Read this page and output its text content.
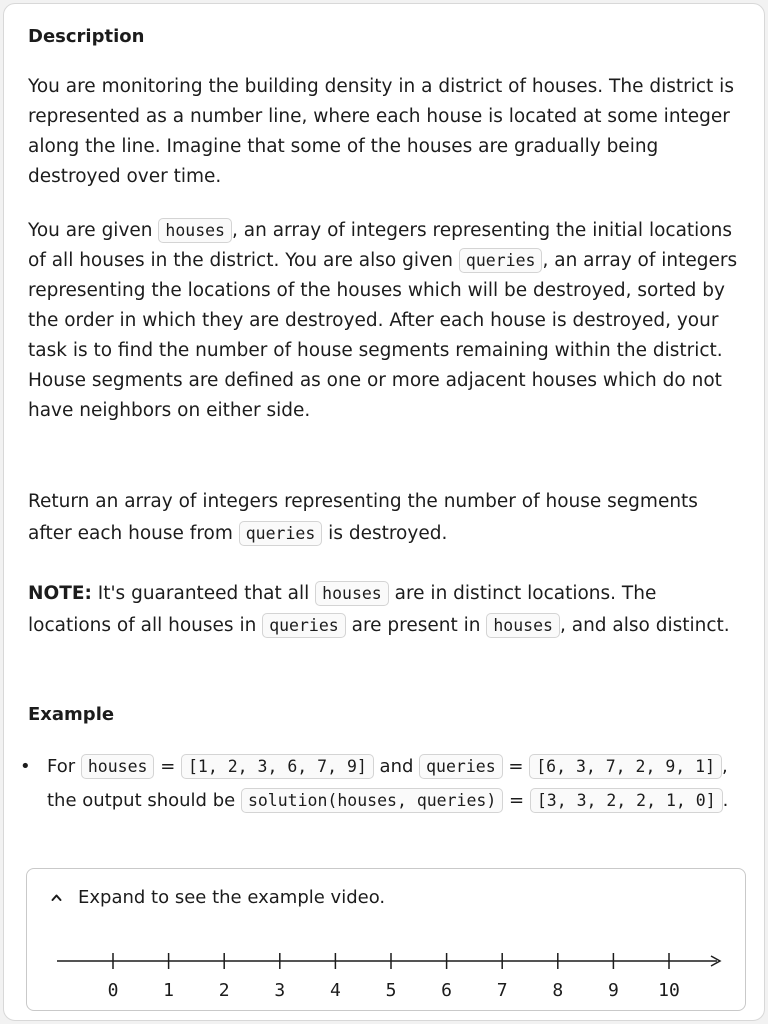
Description

You are monitoring the building density in a district of houses. The district is represented as a number line, where each house is located at some integer along the line. Imagine that some of the houses are gradually being destroyed over time.

You are given houses , an array of integers representing the initial locations of all houses in the district. You are also given queries , an array of integers representing the locations of the houses which will be destroyed, sorted by the order in which they are destroyed. After each house is destroyed, your task is to find the number of house segments remaining within the district. House segments are defined as one or more adjacent houses which do not have neighbors on either side.

Return an array of integers representing the number of house segments after each house from queries is destroyed.

NOTE: It's guaranteed that all houses are in distinct locations. The locations of all houses in queries are present in houses , and also distinct.

Example
• For houses = [1, 2, 3, 6, 7, 9] and queries = [6, 3, 7, 2, 9, 1] ,
the output should be solution(houses, queries) = [3, 3, 2, 2, 1, 0] .
Expand to see the example video.
0 1 2 3 4 5 6 7 8 9 10
